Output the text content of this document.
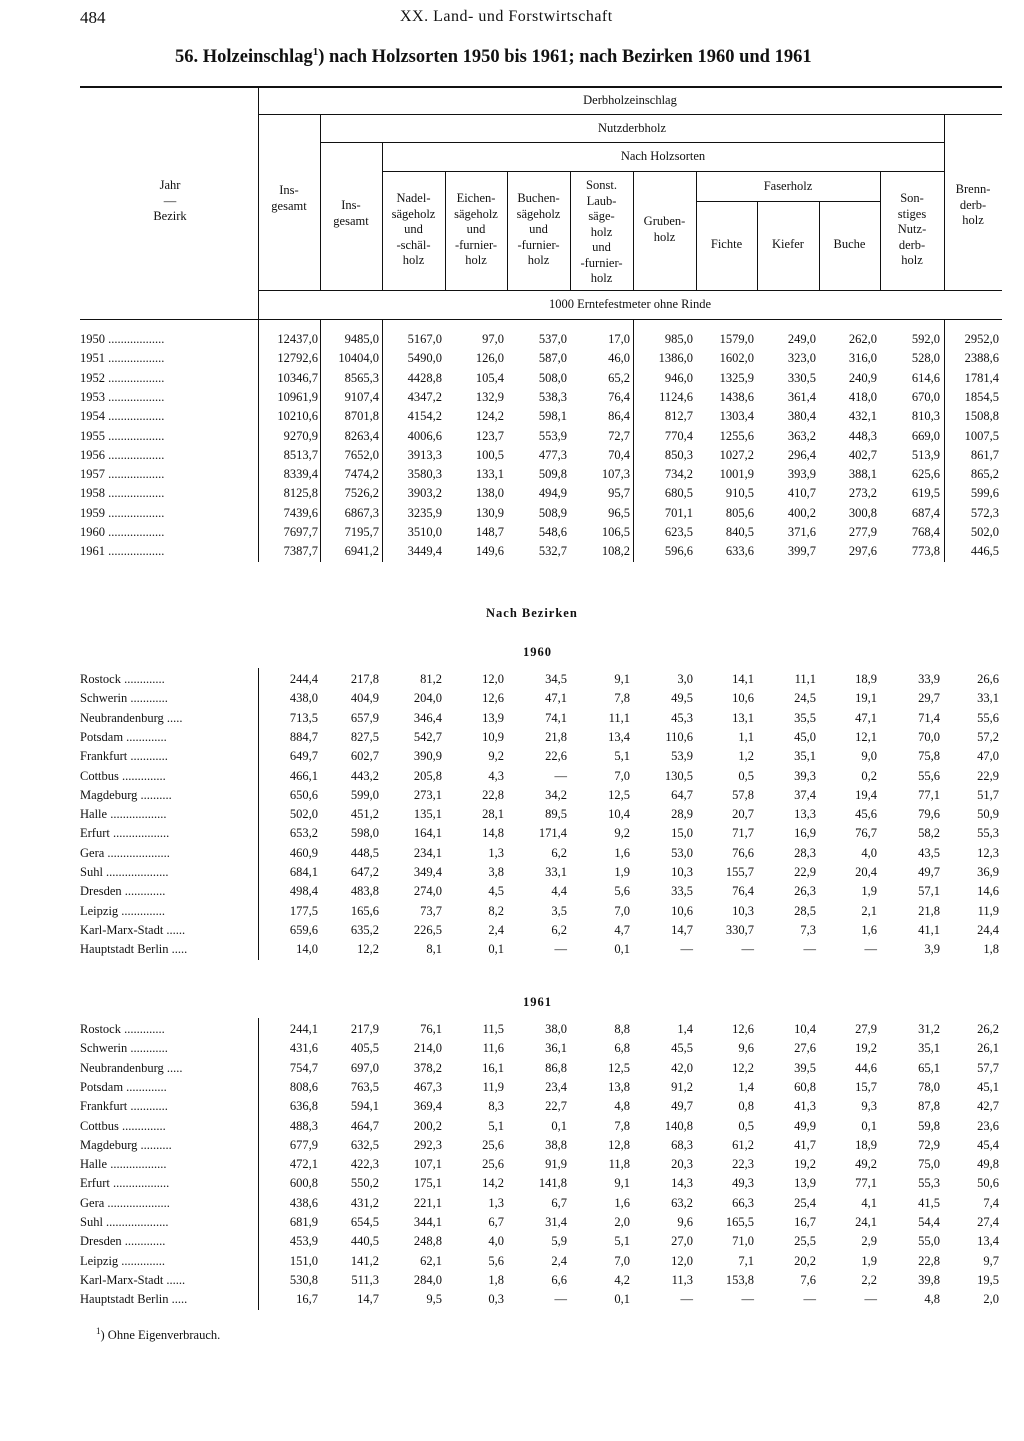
484	XX. Land- und Forstwirtschaft
56. Holzeinschlag$^1$) nach Holzsorten 1950 bis 1961; nach Bezirken 1960 und 1961
Jahr
—
Bezirk
Derbholzeinschlag
Nutzderbholz
Nach Holzsorten
Faserholz
1000 Erntefestmeter ohne Rinde
Ins-
gesamt	Ins-
gesamt
Nadel-
sägeholz
und
-schäl-
holz
Eichen-
sägeholz
und
-furnier-
holz
Buchen-
sägeholz
und
-furnier-
holz
Sonst.
Laub-
säge-
holz
und
-furnier-
holz
Gruben-
holz
Fichte	Kiefer	Buche
Son-
stiges
Nutz-
derb-
holz
Brenn-
derb-
holz
Nach Bezirken
1950 ..................	12437,0	9485,0	5167,0	97,0	537,0	17,0	985,0	1579,0	249,0	262,0	592,0	2952,0
1951 ..................	12792,6	10404,0	5490,0	126,0	587,0	46,0	1386,0	1602,0	323,0	316,0	528,0	2388,6
1952 ..................	10346,7	8565,3	4428,8	105,4	508,0	65,2	946,0	1325,9	330,5	240,9	614,6	1781,4
1953 ..................	10961,9	9107,4	4347,2	132,9	538,3	76,4	1124,6	1438,6	361,4	418,0	670,0	1854,5
1954 ..................	10210,6	8701,8	4154,2	124,2	598,1	86,4	812,7	1303,4	380,4	432,1	810,3	1508,8
1955 ..................	9270,9	8263,4	4006,6	123,7	553,9	72,7	770,4	1255,6	363,2	448,3	669,0	1007,5
1956 ..................	8513,7	7652,0	3913,3	100,5	477,3	70,4	850,3	1027,2	296,4	402,7	513,9	861,7
1957 ..................	8339,4	7474,2	3580,3	133,1	509,8	107,3	734,2	1001,9	393,9	388,1	625,6	865,2
1958 ..................	8125,8	7526,2	3903,2	138,0	494,9	95,7	680,5	910,5	410,7	273,2	619,5	599,6
1959 ..................	7439,6	6867,3	3235,9	130,9	508,9	96,5	701,1	805,6	400,2	300,8	687,4	572,3
1960 ..................	7697,7	7195,7	3510,0	148,7	548,6	106,5	623,5	840,5	371,6	277,9	768,4	502,0
1961 ..................	7387,7	6941,2	3449,4	149,6	532,7	108,2	596,6	633,6	399,7	297,6	773,8	446,5
1960
Rostock .............	244,4	217,8	81,2	12,0	34,5	9,1	3,0	14,1	11,1	18,9	33,9	26,6
Schwerin ............	438,0	404,9	204,0	12,6	47,1	7,8	49,5	10,6	24,5	19,1	29,7	33,1
Neubrandenburg .....	713,5	657,9	346,4	13,9	74,1	11,1	45,3	13,1	35,5	47,1	71,4	55,6
Potsdam .............	884,7	827,5	542,7	10,9	21,8	13,4	110,6	1,1	45,0	12,1	70,0	57,2
Frankfurt ............	649,7	602,7	390,9	9,2	22,6	5,1	53,9	1,2	35,1	9,0	75,8	47,0
Cottbus ..............	466,1	443,2	205,8	4,3	—	7,0	130,5	0,5	39,3	0,2	55,6	22,9
Magdeburg ..........	650,6	599,0	273,1	22,8	34,2	12,5	64,7	57,8	37,4	19,4	77,1	51,7
Halle ..................	502,0	451,2	135,1	28,1	89,5	10,4	28,9	20,7	13,3	45,6	79,6	50,9
Erfurt ..................	653,2	598,0	164,1	14,8	171,4	9,2	15,0	71,7	16,9	76,7	58,2	55,3
Gera ....................	460,9	448,5	234,1	1,3	6,2	1,6	53,0	76,6	28,3	4,0	43,5	12,3
Suhl ....................	684,1	647,2	349,4	3,8	33,1	1,9	10,3	155,7	22,9	20,4	49,7	36,9
Dresden .............	498,4	483,8	274,0	4,5	4,4	5,6	33,5	76,4	26,3	1,9	57,1	14,6
Leipzig ..............	177,5	165,6	73,7	8,2	3,5	7,0	10,6	10,3	28,5	2,1	21,8	11,9
Karl-Marx-Stadt ......	659,6	635,2	226,5	2,4	6,2	4,7	14,7	330,7	7,3	1,6	41,1	24,4
Hauptstadt Berlin .....	14,0	12,2	8,1	0,1	—	0,1	—	—	—	—	3,9	1,8
1961
Rostock .............	244,1	217,9	76,1	11,5	38,0	8,8	1,4	12,6	10,4	27,9	31,2	26,2
Schwerin ............	431,6	405,5	214,0	11,6	36,1	6,8	45,5	9,6	27,6	19,2	35,1	26,1
Neubrandenburg .....	754,7	697,0	378,2	16,1	86,8	12,5	42,0	12,2	39,5	44,6	65,1	57,7
Potsdam .............	808,6	763,5	467,3	11,9	23,4	13,8	91,2	1,4	60,8	15,7	78,0	45,1
Frankfurt ............	636,8	594,1	369,4	8,3	22,7	4,8	49,7	0,8	41,3	9,3	87,8	42,7
Cottbus ..............	488,3	464,7	200,2	5,1	0,1	7,8	140,8	0,5	49,9	0,1	59,8	23,6
Magdeburg ..........	677,9	632,5	292,3	25,6	38,8	12,8	68,3	61,2	41,7	18,9	72,9	45,4
Halle ..................	472,1	422,3	107,1	25,6	91,9	11,8	20,3	22,3	19,2	49,2	75,0	49,8
Erfurt ..................	600,8	550,2	175,1	14,2	141,8	9,1	14,3	49,3	13,9	77,1	55,3	50,6
Gera ....................	438,6	431,2	221,1	1,3	6,7	1,6	63,2	66,3	25,4	4,1	41,5	7,4
Suhl ....................	681,9	654,5	344,1	6,7	31,4	2,0	9,6	165,5	16,7	24,1	54,4	27,4
Dresden .............	453,9	440,5	248,8	4,0	5,9	5,1	27,0	71,0	25,5	2,9	55,0	13,4
Leipzig ..............	151,0	141,2	62,1	5,6	2,4	7,0	12,0	7,1	20,2	1,9	22,8	9,7
Karl-Marx-Stadt ......	530,8	511,3	284,0	1,8	6,6	4,2	11,3	153,8	7,6	2,2	39,8	19,5
Hauptstadt Berlin .....	16,7	14,7	9,5	0,3	—	0,1	—	—	—	—	4,8	2,0
$^1$) Ohne Eigenverbrauch.
